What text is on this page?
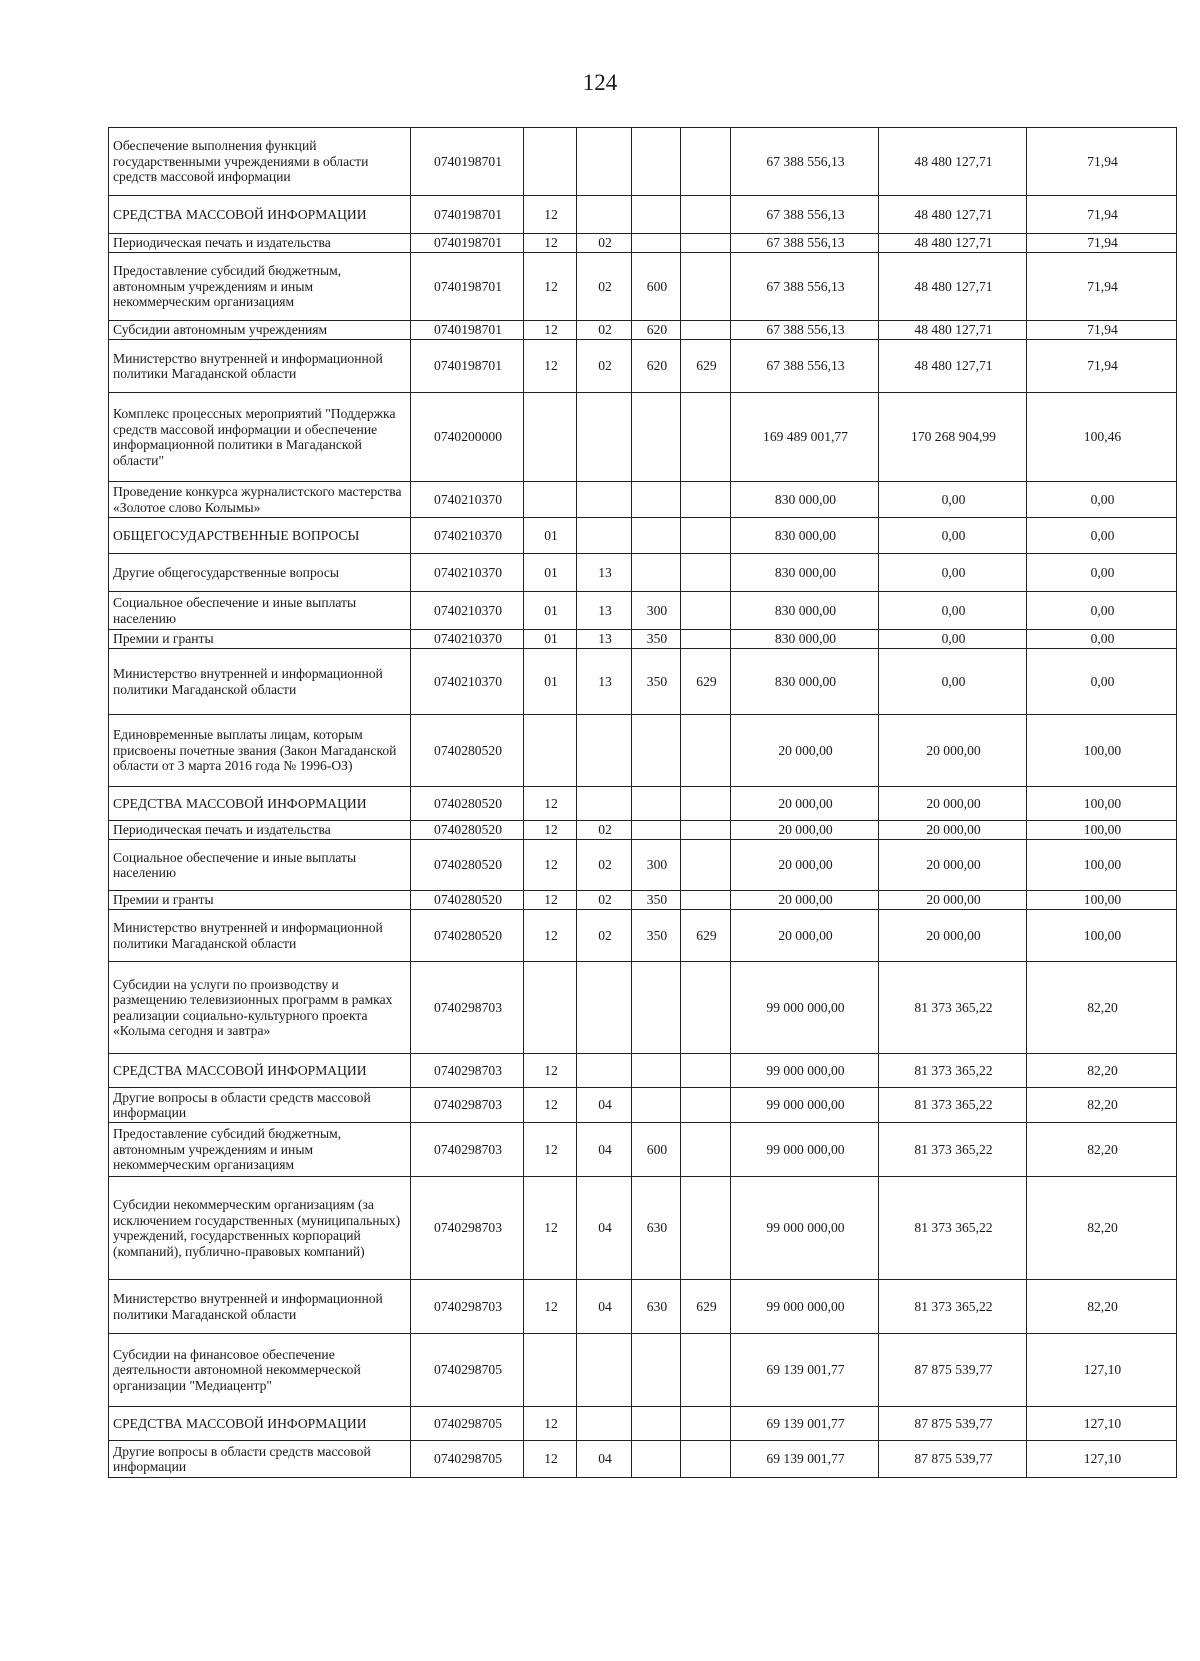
124
Обеспечение выполнения функций государственными учреждениями в области средств массовой информации	0740198701					67 388 556,13	48 480 127,71	71,94
СРЕДСТВА МАССОВОЙ ИНФОРМАЦИИ	0740198701	12				67 388 556,13	48 480 127,71	71,94
Периодическая печать и издательства	0740198701	12	02			67 388 556,13	48 480 127,71	71,94
Предоставление субсидий бюджетным, автономным учреждениям и иным некоммерческим организациям	0740198701	12	02	600		67 388 556,13	48 480 127,71	71,94
Субсидии автономным учреждениям	0740198701	12	02	620		67 388 556,13	48 480 127,71	71,94
Министерство внутренней и информационной политики Магаданской области	0740198701	12	02	620	629	67 388 556,13	48 480 127,71	71,94
Комплекс процессных мероприятий "Поддержка средств массовой информации и обеспечение информационной политики в Магаданской области"	0740200000					169 489 001,77	170 268 904,99	100,46
Проведение конкурса журналистского мастерства «Золотое слово Колымы»	0740210370					830 000,00	0,00	0,00
ОБЩЕГОСУДАРСТВЕННЫЕ ВОПРОСЫ	0740210370	01				830 000,00	0,00	0,00
Другие общегосударственные вопросы	0740210370	01	13			830 000,00	0,00	0,00
Социальное обеспечение и иные выплаты населению	0740210370	01	13	300		830 000,00	0,00	0,00
Премии и гранты	0740210370	01	13	350		830 000,00	0,00	0,00
Министерство внутренней и информационной политики Магаданской области	0740210370	01	13	350	629	830 000,00	0,00	0,00
Единовременные выплаты лицам, которым присвоены почетные звания (Закон Магаданской области от 3 марта 2016 года № 1996-ОЗ)	0740280520					20 000,00	20 000,00	100,00
СРЕДСТВА МАССОВОЙ ИНФОРМАЦИИ	0740280520	12				20 000,00	20 000,00	100,00
Периодическая печать и издательства	0740280520	12	02			20 000,00	20 000,00	100,00
Социальное обеспечение и иные выплаты населению	0740280520	12	02	300		20 000,00	20 000,00	100,00
Премии и гранты	0740280520	12	02	350		20 000,00	20 000,00	100,00
Министерство внутренней и информационной политики Магаданской области	0740280520	12	02	350	629	20 000,00	20 000,00	100,00
Субсидии на услуги по производству и размещению телевизионных программ в рамках реализации социально-культурного проекта «Колыма сегодня и завтра»	0740298703					99 000 000,00	81 373 365,22	82,20
СРЕДСТВА МАССОВОЙ ИНФОРМАЦИИ	0740298703	12				99 000 000,00	81 373 365,22	82,20
Другие вопросы в области средств массовой информации	0740298703	12	04			99 000 000,00	81 373 365,22	82,20
Предоставление субсидий бюджетным, автономным учреждениям и иным некоммерческим организациям	0740298703	12	04	600		99 000 000,00	81 373 365,22	82,20
Субсидии некоммерческим организациям (за исключением государственных (муниципальных) учреждений, государственных корпораций (компаний), публично-правовых компаний)	0740298703	12	04	630		99 000 000,00	81 373 365,22	82,20
Министерство внутренней и информационной политики Магаданской области	0740298703	12	04	630	629	99 000 000,00	81 373 365,22	82,20
Субсидии на финансовое обеспечение деятельности автономной некоммерческой организации "Медиацентр"	0740298705					69 139 001,77	87 875 539,77	127,10
СРЕДСТВА МАССОВОЙ ИНФОРМАЦИИ	0740298705	12				69 139 001,77	87 875 539,77	127,10
Другие вопросы в области средств массовой информации	0740298705	12	04			69 139 001,77	87 875 539,77	127,10
